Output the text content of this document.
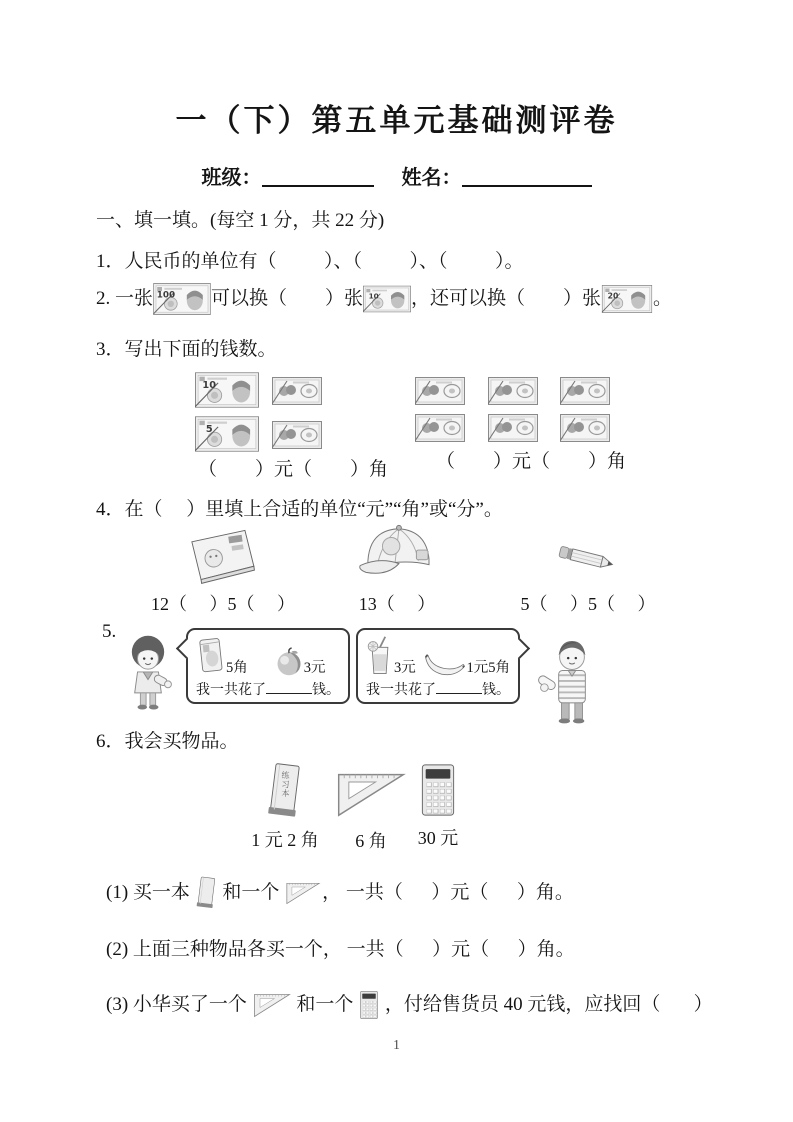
一（下）第五单元基础测评卷
班级：	姓名：
一、填一填。(每空 1 分，共 22 分)
1．人民币的单位有（          ）、（          ）、（          ）。
2. 一张 100 可以换（        ）张 10 ，还可以换（        ）张 20 。
3．写出下面的钱数。
10
5
（        ）元（        ）角	（        ）元（        ）角
4．在（     ）里填上合适的单位“元”“角”或“分”。
12（     ）5（     ）	13（     ）	5（     ）5（     ）
5.
5角	3元
我一共花了	钱。
3元	1元5角
我一共花了	钱。
6．我会买物品。
练习本
1 元 2 角 6 角 30 元
(1) 买一本 和一个 ， 一共（      ）元（      ）角。
(2) 上面三种物品各买一个， 一共（      ）元（      ）角。
(3) 小华买了一个 和一个 ，付给售货员 40 元钱，应找回（       ）
1
